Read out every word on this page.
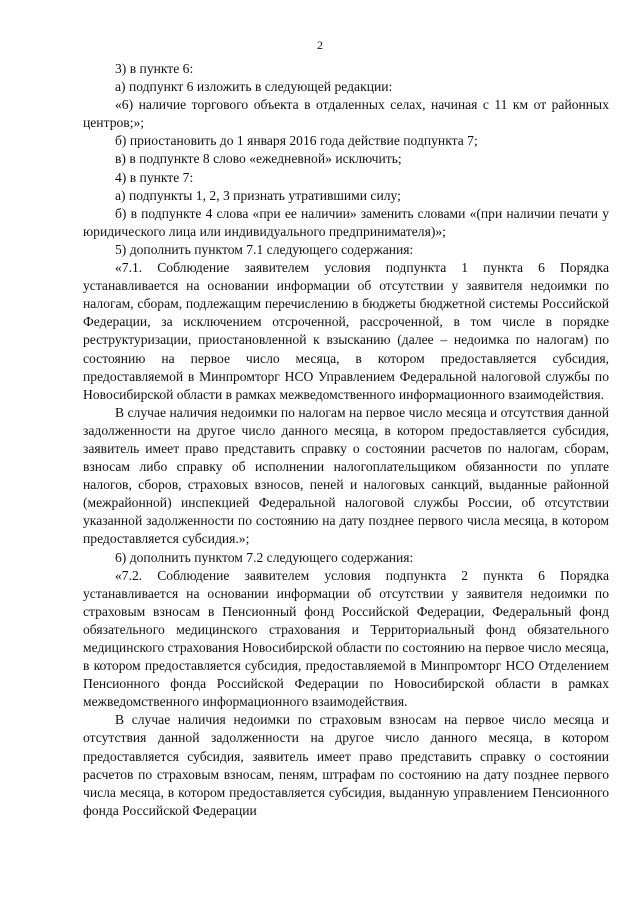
2

3) в пункте 6:

а) подпункт 6 изложить в следующей редакции:

«6) наличие торгового объекта в отдаленных селах, начиная с 11 км от районных центров;»;

б) приостановить до 1 января 2016 года действие подпункта 7;

в) в подпункте 8 слово «ежедневной» исключить;

4) в пункте 7:

а) подпункты 1, 2, 3 признать утратившими силу;

б) в подпункте 4 слова «при ее наличии» заменить словами «(при наличии печати у юридического лица или индивидуального предпринимателя)»;

5) дополнить пунктом 7.1 следующего содержания:

«7.1. Соблюдение заявителем условия подпункта 1 пункта 6 Порядка устанавливается на основании информации об отсутствии у заявителя недоимки по налогам, сборам, подлежащим перечислению в бюджеты бюджетной системы Российской Федерации, за исключением отсроченной, рассроченной, в том числе в порядке реструктуризации, приостановленной к взысканию (далее – недоимка по налогам) по состоянию на первое число месяца, в котором предоставляется субсидия, предоставляемой в Минпромторг НСО Управлением Федеральной налоговой службы по Новосибирской области в рамках межведомственного информационного взаимодействия.

В случае наличия недоимки по налогам на первое число месяца и отсутствия данной задолженности на другое число данного месяца, в котором предоставляется субсидия, заявитель имеет право представить справку о состоянии расчетов по налогам, сборам, взносам либо справку об исполнении налогоплательщиком обязанности по уплате налогов, сборов, страховых взносов, пеней и налоговых санкций, выданные районной (межрайонной) инспекцией Федеральной налоговой службы России, об отсутствии указанной задолженности по состоянию на дату позднее первого числа месяца, в котором предоставляется субсидия.»;

6) дополнить пунктом 7.2 следующего содержания:

«7.2. Соблюдение заявителем условия подпункта 2 пункта 6 Порядка устанавливается на основании информации об отсутствии у заявителя недоимки по страховым взносам в Пенсионный фонд Российской Федерации, Федеральный фонд обязательного медицинского страхования и Территориальный фонд обязательного медицинского страхования Новосибирской области по состоянию на первое число месяца, в котором предоставляется субсидия, предоставляемой в Минпромторг НСО Отделением Пенсионного фонда Российской Федерации по Новосибирской области в рамках межведомственного информационного взаимодействия.

В случае наличия недоимки по страховым взносам на первое число месяца и отсутствия данной задолженности на другое число данного месяца, в котором предоставляется субсидия, заявитель имеет право представить справку о состоянии расчетов по страховым взносам, пеням, штрафам по состоянию на дату позднее первого числа месяца, в котором предоставляется субсидия, выданную управлением Пенсионного фонда Российской Федерации
